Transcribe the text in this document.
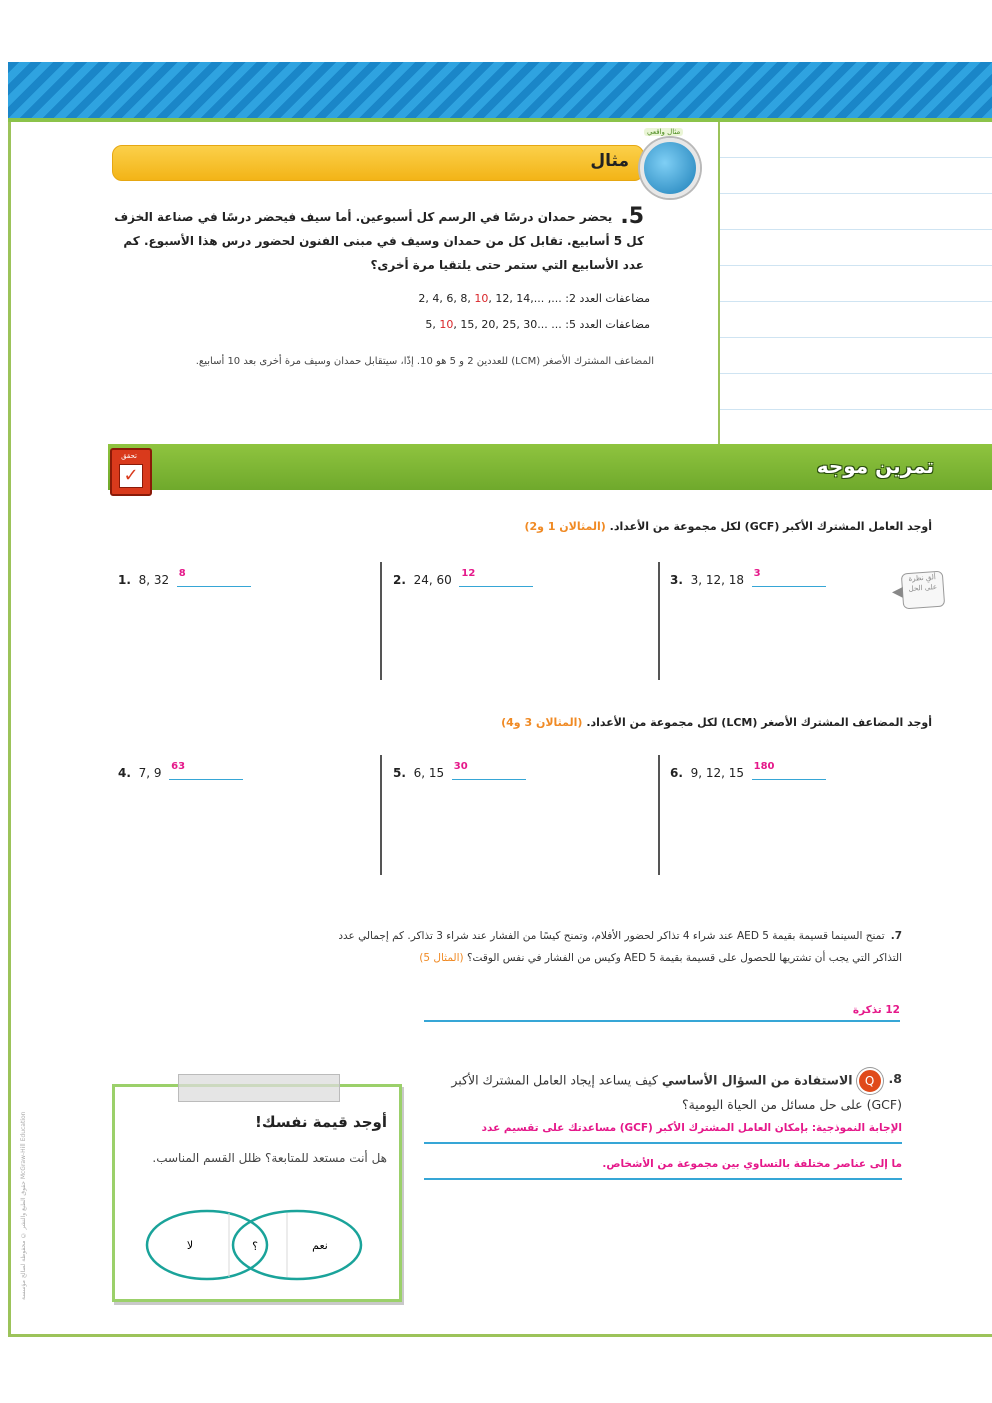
مثال
مثال واقعي
5.
يحضر حمدان درسًا في الرسم كل أسبوعين. أما سيف فيحضر درسًا في صناعة الخزف كل 5 أسابيع. تقابل كل من حمدان وسيف في مبنى الفنون لحضور درس هذا الأسبوع. كم عدد الأسابيع التي ستمر حتى يلتقيا مرة أخرى؟
مضاعفات العدد 2: ..., 2, 4, 6, 8, 10, 12, 14,...
مضاعفات العدد 5: ... 5, 10, 15, 20, 25, 30...
المضاعف المشترك الأصغر (LCM) للعددين 2 و 5 هو 10. إذًا، سيتقابل حمدان وسيف مرة أخرى بعد 10 أسابيع.
تمرين موجه
تحقق
✓
أوجد العامل المشترك الأكبر (GCF) لكل مجموعة من الأعداد. (المثالان 1 و2)
ألقِ نظرة على الحل
◀
1. 8, 32 8	2. 24, 60 12	3. 3, 12, 18 3
أوجد المضاعف المشترك الأصغر (LCM) لكل مجموعة من الأعداد. (المثالان 3 و4)
4. 7, 9 63	5. 6, 15 30	6. 9, 12, 15 180
7.
تمنح السينما قسيمة بقيمة 5 AED عند شراء 4 تذاكر لحضور الأفلام، وتمنح كيسًا من الفشار عند شراء 3 تذاكر. كم إجمالي عدد التذاكر التي يجب أن تشتريها للحصول على قسيمة بقيمة 5 AED وكيس من الفشار في نفس الوقت؟ (المثال 5)
12 تذكرة
8.
Q الاستفادة من السؤال الأساسي كيف يساعد إيجاد العامل المشترك الأكبر (GCF) على حل مسائل من الحياة اليومية؟
الإجابة النموذجية: بإمكان العامل المشترك الأكبر (GCF) مساعدتك على تقسيم عدد
ما إلى عناصر مختلفة بالتساوي بين مجموعة من الأشخاص.
أوجد قيمة نفسك!
هل أنت مستعد للمتابعة؟ ظلل القسم المناسب.
نعم
؟
لا
حقوق الطبع والنشر © محفوظة لصالح مؤسسة McGraw-Hill Education
